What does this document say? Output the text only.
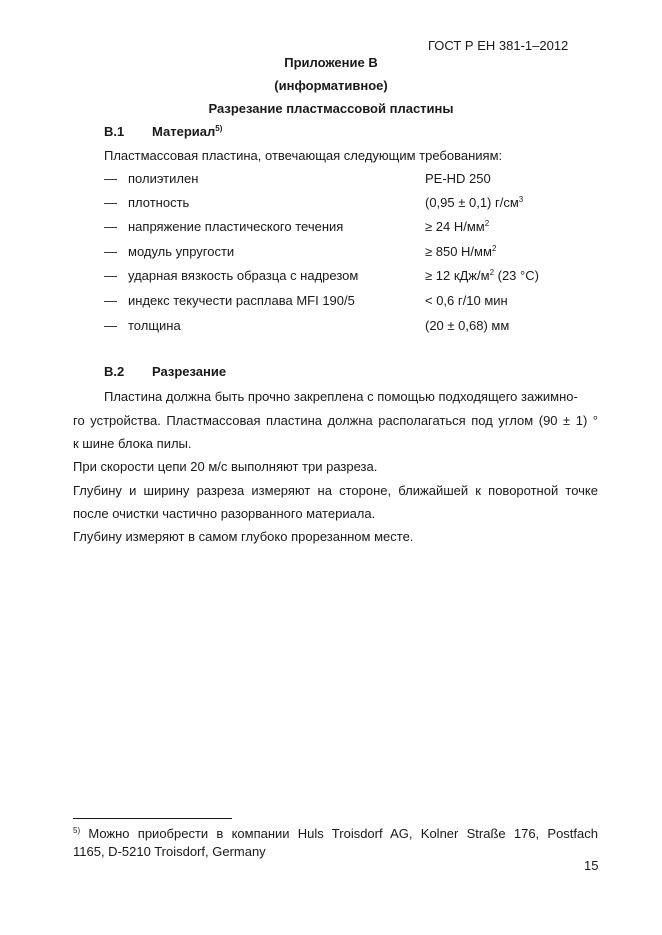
ГОСТ Р ЕН 381-1–2012
Приложение В
(информативное)
Разрезание пластмассовой пластины
В.1 Материал$^{5)}$
Пластмассовая пластина, отвечающая следующим требованиям:
— полиэтилен	PE-HD 250
— плотность	(0,95 ± 0,1) $г/см^3$
— напряжение пластического течения	≥ 24 $Н/мм^2$
— модуль упругости	≥ 850 $Н/мм^2$
— ударная вязкость образца с надрезом	≥ 12 кДж/$м^2$ (23 °С)
— индекс текучести расплава MFI 190/5	< 0,6 г/10 мин
— толщина	(20 ± 0,68) мм
В.2 Разрезание
Пластина должна быть прочно закреплена с помощью подходящего зажимно-
го устройства. Пластмассовая пластина должна располагаться под углом (90 ± 1) °
к шине блока пилы.
При скорости цепи 20 м/с выполняют три разреза.
Глубину и ширину разреза измеряют на стороне, ближайшей к поворотной точке
после очистки частично разорванного материала.
Глубину измеряют в самом глубоко прорезанном месте.
$^{5)}$ Можно приобрести в компании Huls Troisdorf AG, Kolner Straße 176, Postfach
1165, D-5210 Troisdorf, Germany
15
